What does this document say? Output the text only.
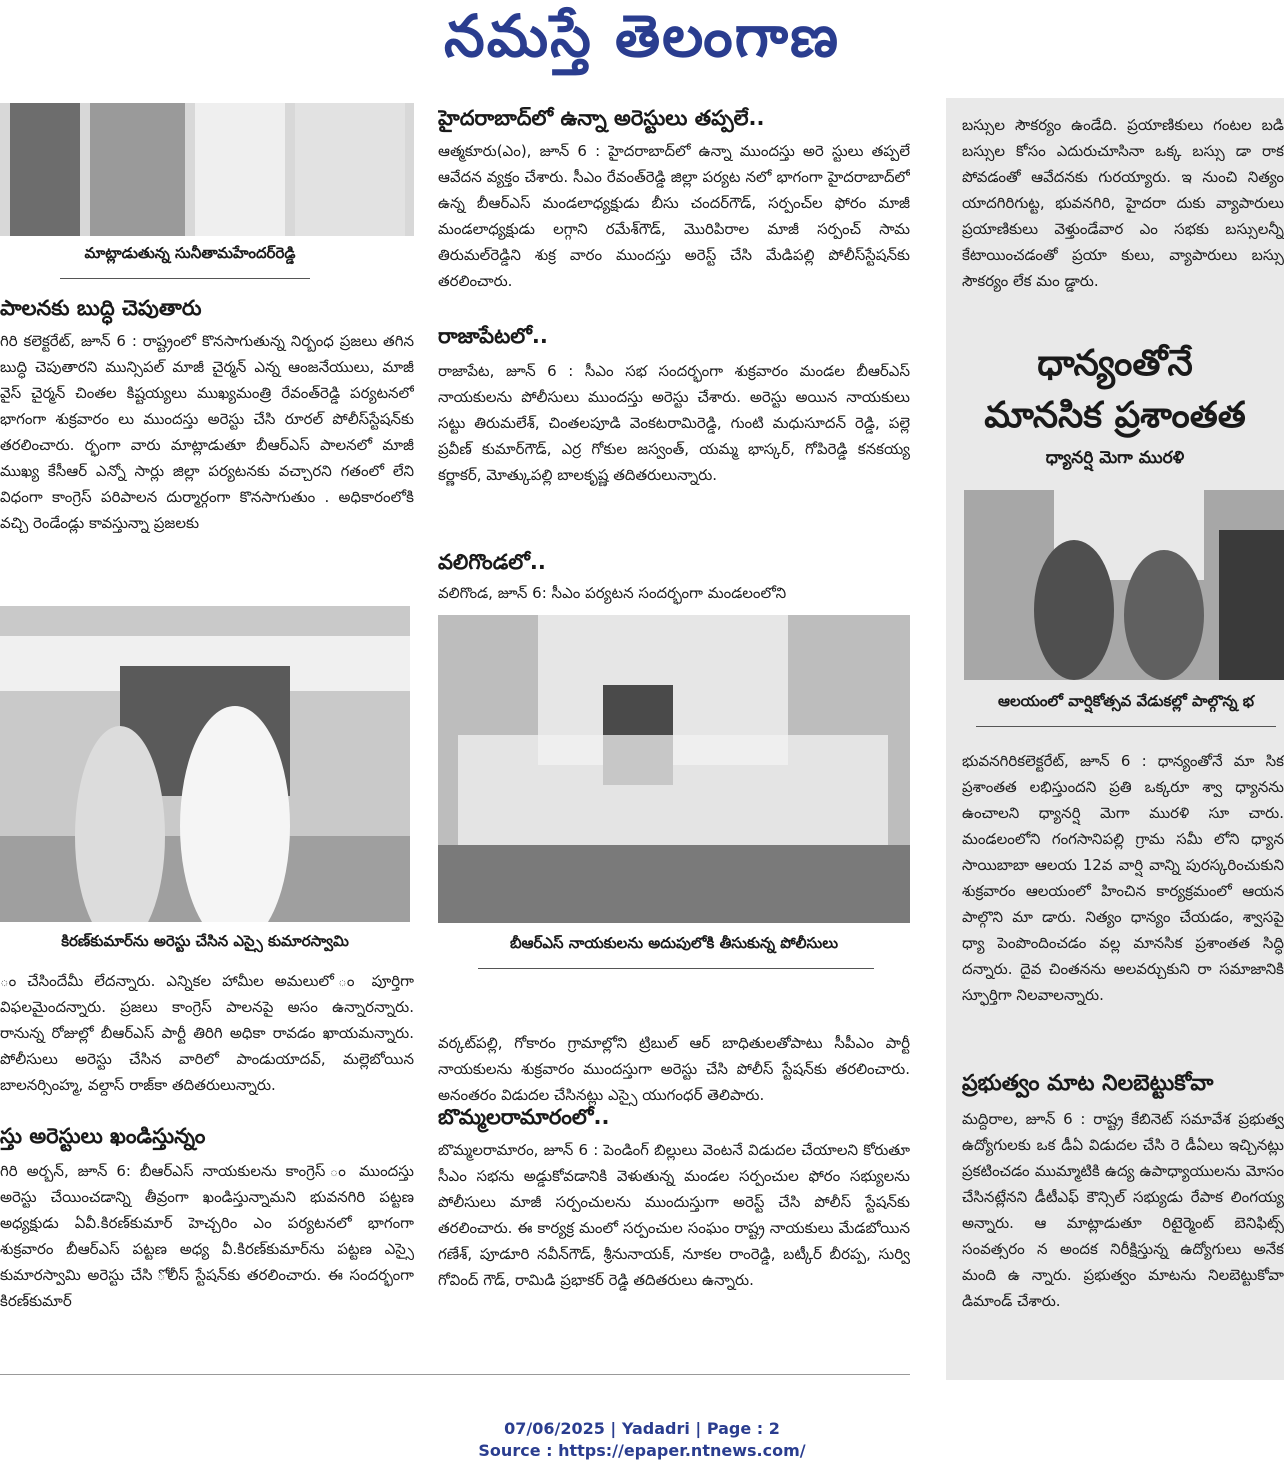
నమస్తే తెలంగాణ
మాట్లాడుతున్న సునీతామహేందర్‌రెడ్డి

పాలనకు బుద్ధి చెపుతారు

గిరి కలెక్టరేట్, జూన్ 6 : రాష్ట్రంలో కొనసాగుతున్న నిర్బంధ ప్రజలు తగిన బుద్ధి చెపుతారని మున్సిపల్ మాజీ చైర్మన్ ఎన్న ఆంజనేయులు, మాజీ వైస్ చైర్మన్ చింతల కిష్టయ్యలు ముఖ్యమంత్రి రేవంత్‌రెడ్డి పర్యటనలో భాగంగా శుక్రవారం లు ముందస్తు అరెస్టు చేసి రూరల్ పోలీస్‌స్టేషన్‌కు తరలించారు. ర్భంగా వారు మాట్లాడుతూ బీఆర్‌ఎస్ పాలనలో మాజీ ముఖ్య కేసీఆర్ ఎన్నో సార్లు జిల్లా పర్యటనకు వచ్చారని గతంలో లేని విధంగా కాంగ్రెస్ పరిపాలన దుర్మార్గంగా కొనసాగుతుం . అధికారంలోకి వచ్చి రెండేండ్లు కావస్తున్నా ప్రజలకు

కిరణ్‌కుమార్‌ను అరెస్టు చేసిన ఎస్సై కుమారస్వామి

ం చేసిందేమీ లేదన్నారు. ఎన్నికల హామీల అమలులో ం పూర్తిగా విఫలమైందన్నారు. ప్రజలు కాంగ్రెస్ పాలనపై అసం ఉన్నారన్నారు. రానున్న రోజుల్లో బీఆర్‌ఎస్ పార్టీ తిరిగి అధికా రావడం ఖాయమన్నారు. పోలీసులు అరెస్టు చేసిన వారిలో పాండుయాదవ్, మల్లెబోయిన బాలనర్సింహ్మ, వల్దాస్ రాజ్‌కా తదితరులున్నారు.

స్తు అరెస్టులు ఖండిస్తున్నం

గిరి అర్బన్, జూన్ 6: బీఆర్‌ఎస్ నాయకులను కాంగ్రెస్ ం ముందస్తు అరెస్టు చేయించడాన్ని తీవ్రంగా ఖండిస్తున్నామని భువనగిరి పట్టణ అధ్యక్షుడు ఏవీ.కిరణ్‌కుమార్ హెచ్చరిం ఎం పర్యటనలో భాగంగా శుక్రవారం బీఆర్‌ఎస్ పట్టణ అధ్య వీ.కిరణ్‌కుమార్‌ను పట్టణ ఎస్సై కుమారస్వామి అరెస్టు చేసి ోలీస్ స్టేషన్‌కు తరలించారు. ఈ సందర్భంగా కిరణ్‌కుమార్

హైదరాబాద్‌లో ఉన్నా అరెస్టులు తప్పలే..

ఆత్మకూరు(ఎం), జూన్ 6 : హైదరాబాద్‌లో ఉన్నా ముందస్తు అరె స్టులు తప్పలే ఆవేదన వ్యక్తం చేశారు. సీఎం రేవంత్‌రెడ్డి జిల్లా పర్యట నలో భాగంగా హైదరాబాద్‌లో ఉన్న బీఆర్‌ఎస్ మండలాధ్యక్షుడు బీసు చందర్‌గౌడ్, సర్పంచ్‌ల ఫోరం మాజీ మండలాధ్యక్షుడు లగ్గాని రమేశ్‌గౌడ్, మొరిపిరాల మాజీ సర్పంచ్ సామ తిరుమల్‌రెడ్డిని శుక్ర వారం ముందస్తు అరెస్ట్ చేసి మేడిపల్లి పోలీస్‌స్టేషన్‌కు తరలించారు.

రాజాపేటలో..

రాజాపేట, జూన్ 6 : సీఎం సభ సందర్భంగా శుక్రవారం మండల బీఆర్‌ఎస్ నాయకులను పోలీసులు ముందస్తు అరెస్టు చేశారు. అరెస్టు అయిన నాయకులు సట్టు తిరుమలేశ్, చింతలపూడి వెంకటరామిరెడ్డి, గుంటి మధుసూదన్ రెడ్డి, పల్లె ప్రవీణ్ కుమార్‌గౌడ్, ఎర్ర గోకుల జస్వంత్, యమ్మ భాస్కర్, గోపిరెడ్డి కనకయ్య కర్ణాకర్, మోత్కుపల్లి బాలకృష్ణ తదితరులున్నారు.

వలిగొండలో..

వలిగొండ, జూన్ 6: సీఎం పర్యటన సందర్భంగా మండలంలోని

బీఆర్‌ఎస్ నాయకులను అదుపులోకి తీసుకున్న పోలీసులు

వర్కట్‌పల్లి, గోకారం గ్రామాల్లోని ట్రిబుల్ ఆర్ బాధితులతోపాటు సీపీఎం పార్టీ నాయకులను శుక్రవారం ముందస్తుగా అరెస్టు చేసి పోలీస్ స్టేషన్‌కు తరలించారు. అనంతరం విడుదల చేసినట్లు ఎస్సై యుగంధర్ తెలిపారు.

బొమ్మలరామారంలో..

బొమ్మలరామారం, జూన్ 6 : పెండింగ్ బిల్లులు వెంటనే విడుదల చేయాలని కోరుతూ సీఎం సభను అడ్డుకోవడానికి వెళుతున్న మండల సర్పంచుల ఫోరం సభ్యులను పోలీసులు మాజీ సర్పంచులను ముందుస్తుగా అరెస్ట్ చేసి పోలీస్ స్టేషన్‌కు తరలించారు. ఈ కార్యక్ర మంలో సర్పంచుల సంఘం రాష్ట్ర నాయకులు మేడబోయిన గణేశ్, పూడూరి నవీన్‌గౌడ్, శ్రీనునాయక్, నూకల రాంరెడ్డి, బట్కీర్ బీరప్ప, సుర్వి గోవింద్ గౌడ్, రామిడి ప్రభాకర్ రెడ్డి తదితరులు ఉన్నారు.

బస్సుల సౌకర్యం ఉండేది. ప్రయాణికులు గంటల బడి బస్సుల కోసం ఎదురుచూసినా ఒక్క బస్సు డా రాక పోవడంతో ఆవేదనకు గురయ్యారు. ఇ నుంచి నిత్యం యాదగిరిగుట్ట, భువనగిరి, హైదరా దుకు వ్యాపారులు ప్రయాణికులు వెళ్తుండేవార ఎం సభకు బస్సులన్నీ కేటాయించడంతో ప్రయా కులు, వ్యాపారులు బస్సు సౌకర్యం లేక మం డ్డారు.

ధాన్యంతోనే
మానసిక ప్రశాంతత
ధ్యానర్షి మెగా మురళి
ఆలయంలో వార్షికోత్సవ వేడుకల్లో పాల్గొన్న భ

భువనగిరికలెక్టరేట్, జూన్ 6 : ధాన్యంతోనే మా సిక ప్రశాంతత లభిస్తుందని ప్రతి ఒక్కరూ శ్వా ధ్యానను ఉంచాలని ధ్యానర్షి మెగా మురళి సూ చారు. మండలంలోని గంగసానిపల్లి గ్రామ సమీ లోని ధ్యాన సాయిబాబా ఆలయ 12వ వార్షి వాన్ని పురస్కరించుకుని శుక్రవారం ఆలయంలో హించిన కార్యక్రమంలో ఆయన పాల్గొని మా డారు. నిత్యం ధాన్యం చేయడం, శ్వాసపై ధ్యా పెంపొందించడం వల్ల మానసిక ప్రశాంతత సిద్ధి దన్నారు. దైవ చింతనను అలవర్చుకుని రా సమాజానికి స్ఫూర్తిగా నిలవాలన్నారు.

ప్రభుత్వం మాట నిలబెట్టుకోవా

మద్దిరాల, జూన్ 6 : రాష్ట్ర కేబినెట్ సమావేశ ప్రభుత్వ ఉద్యోగులకు ఒక డీఏ విడుదల చేసి రె డీఏలు ఇచ్చినట్లు ప్రకటించడం ముమ్మాటికి ఉద్య ఉపాధ్యాయులను మోసం చేసినట్లేనని డీటీఎఫ్ కౌన్సిల్ సభ్యుడు రేపాక లింగయ్య అన్నారు. ఆ మాట్లాడుతూ రిటైర్మెంట్ బెనిఫిట్స్ సంవత్సరం న అందక నిరీక్షిస్తున్న ఉద్యోగులు అనేక మంది ఉ న్నారు. ప్రభుత్వం మాటను నిలబెట్టుకోవా డిమాండ్ చేశారు.

07/06/2025 | Yadadri | Page : 2
Source : https://epaper.ntnews.com/
